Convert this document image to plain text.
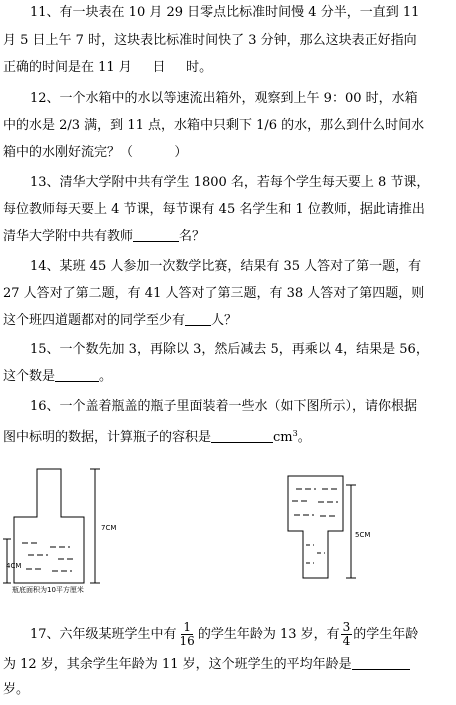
11、有一块表在 10 月 29 日零点比标准时间慢 4 分半，一直到 11
月 5 日上午 7 时，这块表比标准时间快了 3 分钟，那么这块表正好指向
正确的时间是在 11 月     日     时。
12、一个水箱中的水以等速流出箱外，观察到上午 9：00 时，水箱
中的水是 2/3 满，到 11 点，水箱中只剩下 1/6 的水，那么到什么时间水
箱中的水刚好流完？（          ）
13、清华大学附中共有学生 1800 名，若每个学生每天要上 8 节课，
每位教师每天要上 4 节课，每节课有 45 名学生和 1 位教师，据此请推出
清华大学附中共有教师	名？
14、某班 45 人参加一次数学比赛，结果有 35 人答对了第一题，有
27 人答对了第二题，有 41 人答对了第三题，有 38 人答对了第四题，则
这个班四道题都对的同学至少有 人？
15、一个数先加 3，再除以 3，然后减去 5，再乘以 4，结果是 56，
这个数是	。
16、一个盖着瓶盖的瓶子里面装着一些水（如下图所示），请你根据
图中标明的数据，计算瓶子的容积是	$cm^3$。
7CM
4CM
瓶底面积为10平方厘米
5CM
17、六年级某班学生中有 $\frac{1}{16}$ 的学生年龄为 13 岁，有 $\frac{3}{4}$ 的学生年龄
为 12 岁，其余学生年龄为 11 岁，这个班学生的平均年龄是
岁。
